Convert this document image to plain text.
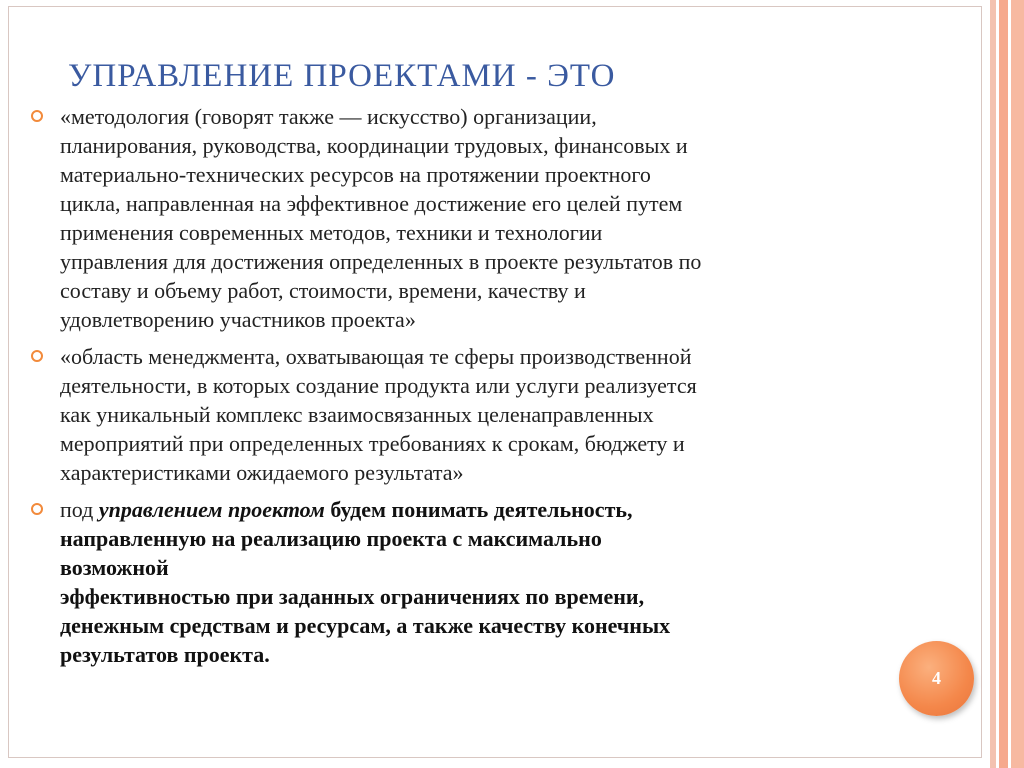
УПРАВЛЕНИЕ ПРОЕКТАМИ - ЭТО
«методология (говорят также — искусство) организации,
планирования, руководства, координации трудовых, финансовых и
материально-технических ресурсов на протяжении проектного
цикла, направленная на эффективное достижение его целей путем
применения современных методов, техники и технологии
управления для достижения определенных в проекте результатов по
составу и объему работ, стоимости, времени, качеству и
удовлетворению участников проекта»
«область менеджмента, охватывающая те сферы производственной
деятельности, в которых создание продукта или услуги реализуется
как уникальный комплекс взаимосвязанных целенаправленных
мероприятий при определенных требованиях к срокам, бюджету и
характеристиками ожидаемого результата»
под управлением проектом будем понимать деятельность,
направленную на реализацию проекта с максимально
возможной
эффективностью при заданных ограничениях по времени,
денежным средствам и ресурсам, а также качеству конечных
результатов проекта.
4
